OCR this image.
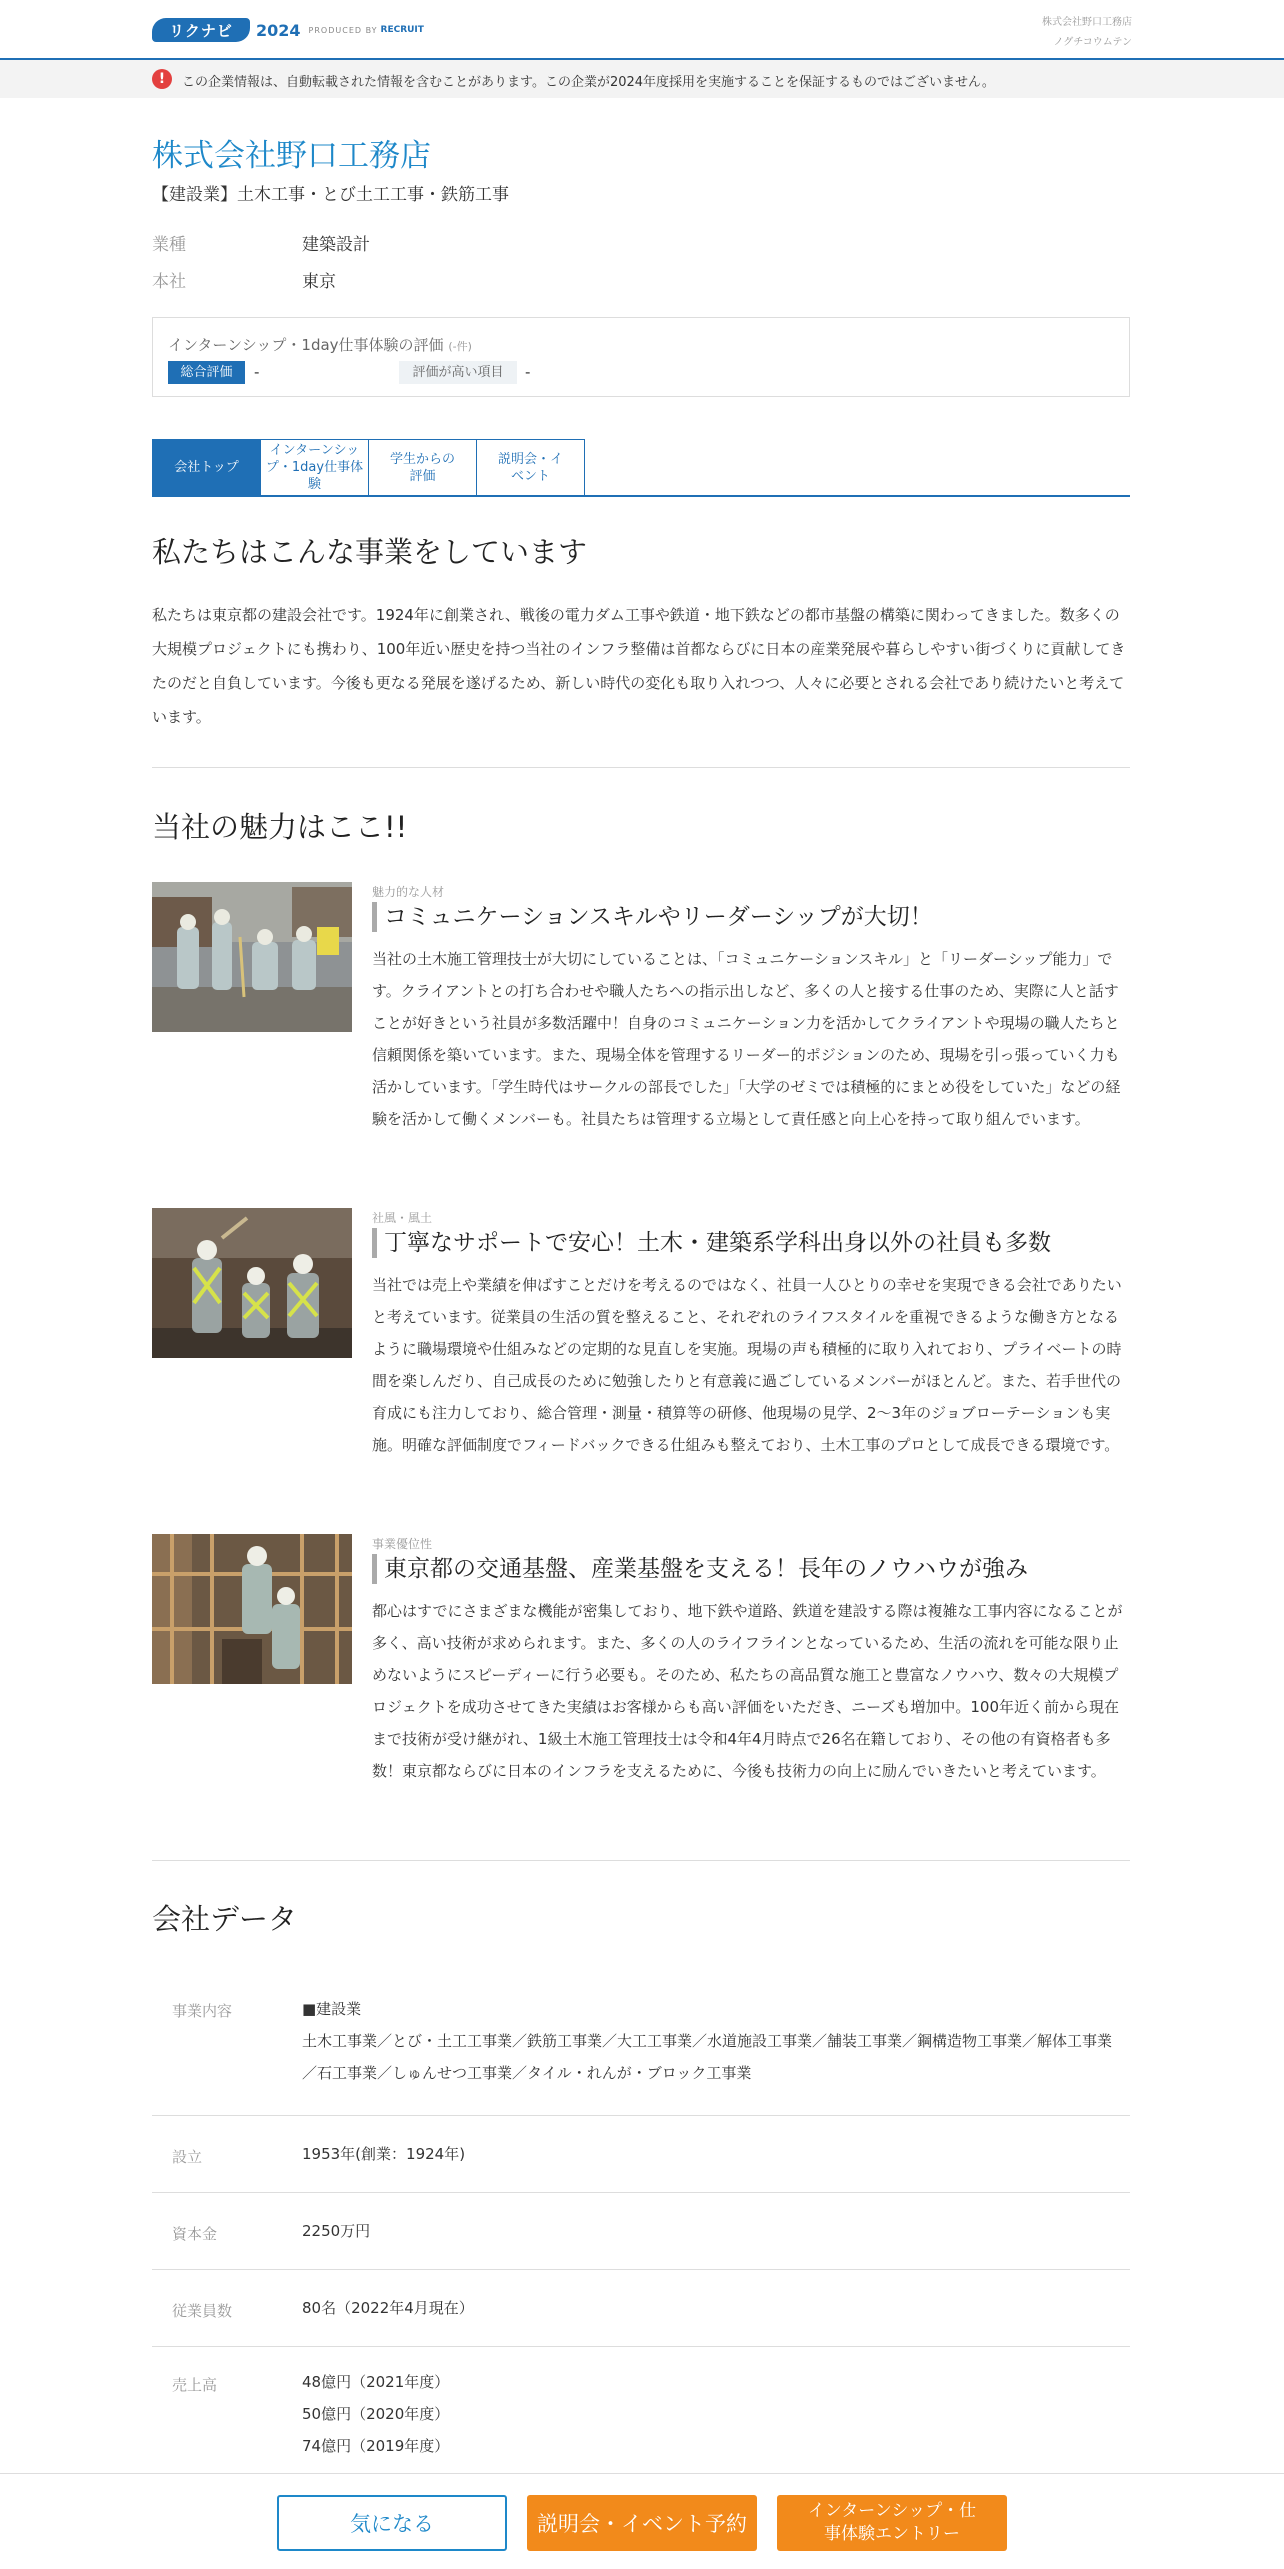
リクナビ	2024 PRODUCED BY RECRUIT
株式会社野口工務店
ノグチコウムテン
!	この企業情報は、自動転載された情報を含むことがあります。この企業が2024年度採用を実施することを保証するものではございません。
株式会社野口工務店
【建設業】土木工事・とび土工工事・鉄筋工事
業種	建築設計
本社	東京
インターンシップ・1day仕事体験の評価 (-件)
総合評価	-	評価が高い項目	-
会社トップ
インターンシップ・1day仕事体験
学生からの評価
説明会・イベント
私たちはこんな事業をしています
私たちは東京都の建設会社です。1924年に創業され、戦後の電力ダム工事や鉄道・地下鉄などの都市基盤の構築に関わってきました。数多くの大規模プロジェクトにも携わり、100年近い歴史を持つ当社のインフラ整備は首都ならびに日本の産業発展や暮らしやすい街づくりに貢献してきたのだと自負しています。今後も更なる発展を遂げるため、新しい時代の変化も取り入れつつ、人々に必要とされる会社であり続けたいと考えています。
当社の魅力はここ!!
魅力的な人材
コミュニケーションスキルやリーダーシップが大切！
当社の土木施工管理技士が大切にしていることは、「コミュニケーションスキル」と「リーダーシップ能力」です。クライアントとの打ち合わせや職人たちへの指示出しなど、多くの人と接する仕事のため、実際に人と話すことが好きという社員が多数活躍中！自身のコミュニケーション力を活かしてクライアントや現場の職人たちと信頼関係を築いています。また、現場全体を管理するリーダー的ポジションのため、現場を引っ張っていく力も活かしています。「学生時代はサークルの部長でした」「大学のゼミでは積極的にまとめ役をしていた」などの経験を活かして働くメンバーも。社員たちは管理する立場として責任感と向上心を持って取り組んでいます。
社風・風土
丁寧なサポートで安心！土木・建築系学科出身以外の社員も多数
当社では売上や業績を伸ばすことだけを考えるのではなく、社員一人ひとりの幸せを実現できる会社でありたいと考えています。従業員の生活の質を整えること、それぞれのライフスタイルを重視できるような働き方となるように職場環境や仕組みなどの定期的な見直しを実施。現場の声も積極的に取り入れており、プライベートの時間を楽しんだり、自己成長のために勉強したりと有意義に過ごしているメンバーがほとんど。また、若手世代の育成にも注力しており、総合管理・測量・積算等の研修、他現場の見学、2～3年のジョブローテーションも実施。明確な評価制度でフィードバックできる仕組みも整えており、土木工事のプロとして成長できる環境です。
事業優位性
東京都の交通基盤、産業基盤を支える！長年のノウハウが強み
都心はすでにさまざまな機能が密集しており、地下鉄や道路、鉄道を建設する際は複雑な工事内容になることが多く、高い技術が求められます。また、多くの人のライフラインとなっているため、生活の流れを可能な限り止めないようにスピーディーに行う必要も。そのため、私たちの高品質な施工と豊富なノウハウ、数々の大規模プロジェクトを成功させてきた実績はお客様からも高い評価をいただき、ニーズも増加中。100年近く前から現在まで技術が受け継がれ、1級土木施工管理技士は令和4年4月時点で26名在籍しており、その他の有資格者も多数！東京都ならびに日本のインフラを支えるために、今後も技術力の向上に励んでいきたいと考えています。
会社データ
事業内容	■建設業
土木工事業／とび・土工工事業／鉄筋工事業／大工工事業／水道施設工事業／舗装工事業／鋼構造物工事業／解体工事業／石工事業／しゅんせつ工事業／タイル・れんが・ブロック工事業
設立	1953年(創業：1924年)
資本金	2250万円
従業員数	80名（2022年4月現在）
売上高	48億円（2021年度）
50億円（2020年度）
74億円（2019年度）
気になる	説明会・イベント予約
インターンシップ・仕事体験エントリー
